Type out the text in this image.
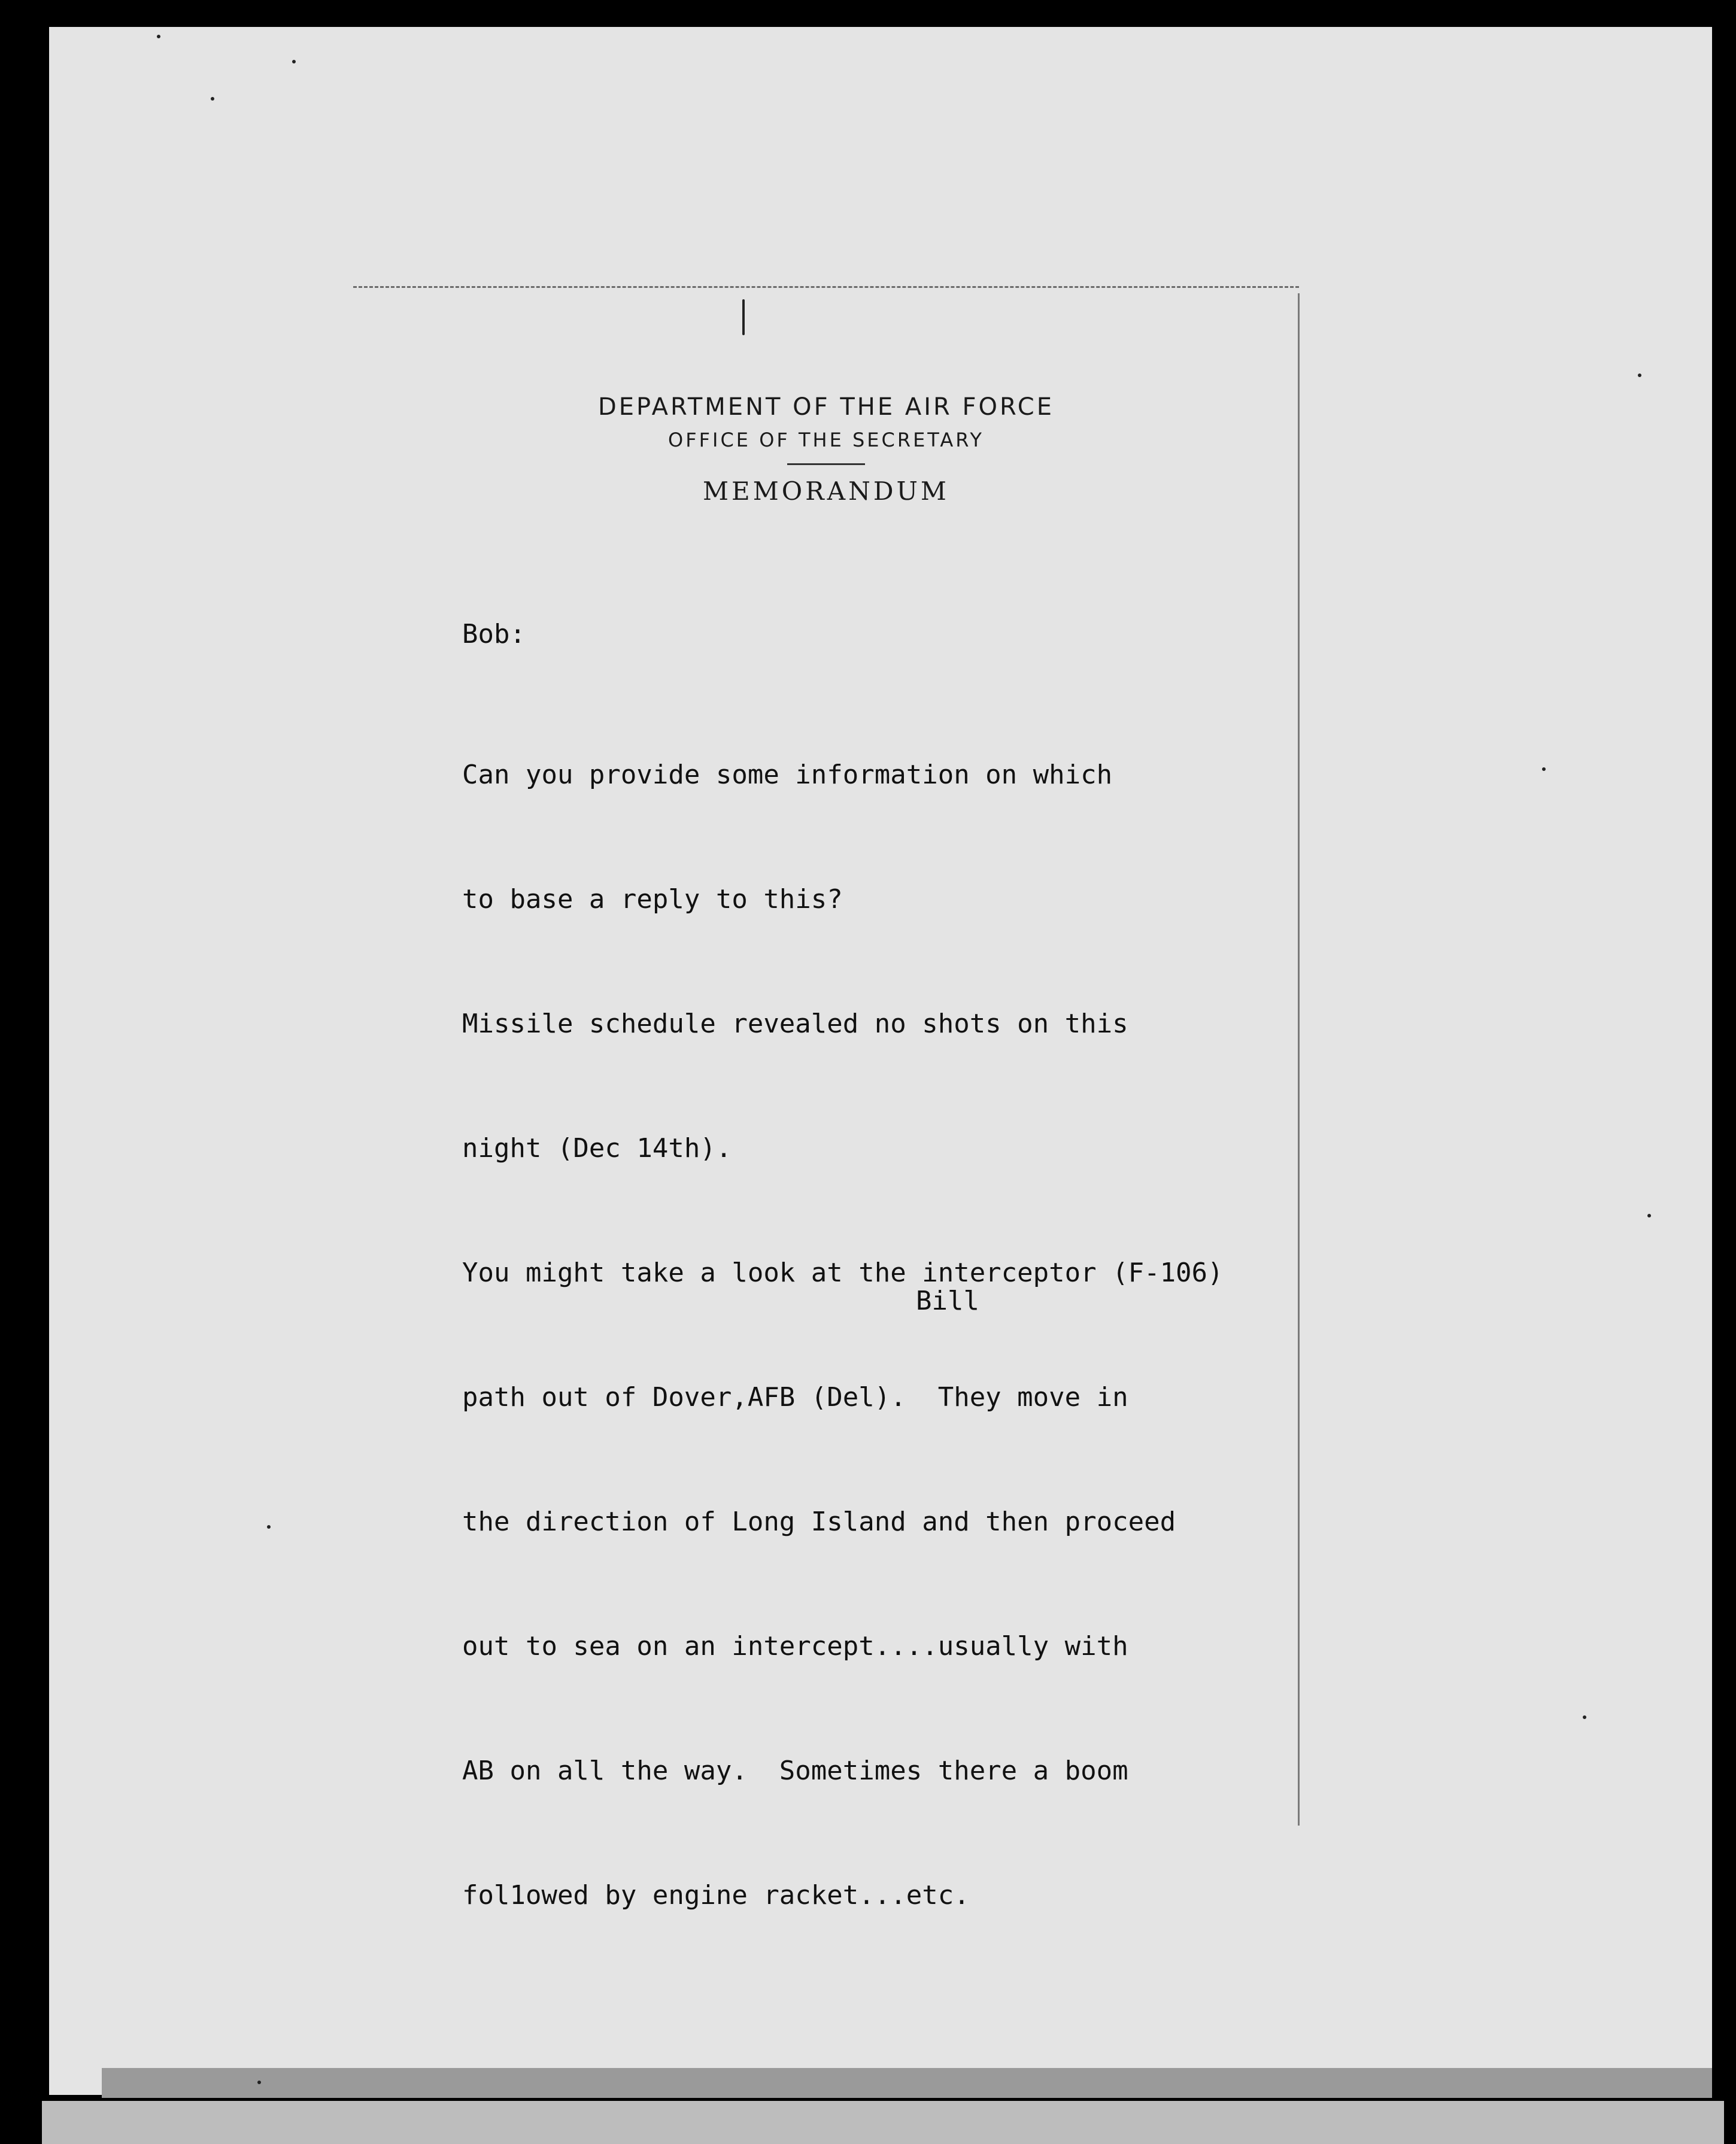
DEPARTMENT OF THE AIR FORCE
OFFICE OF THE SECRETARY
MEMORANDUM

Bob:

Can you provide some information on which

to base a reply to this?

Missile schedule revealed no shots on this

night (Dec 14th).

You might take a look at the interceptor (F-106)

path out of Dover,AFB (Del).  They move in

the direction of Long Island and then proceed

out to sea on an intercept....usually with

AB on all the way.  Sometimes there a boom

fol1owed by engine racket...etc.

Bill
